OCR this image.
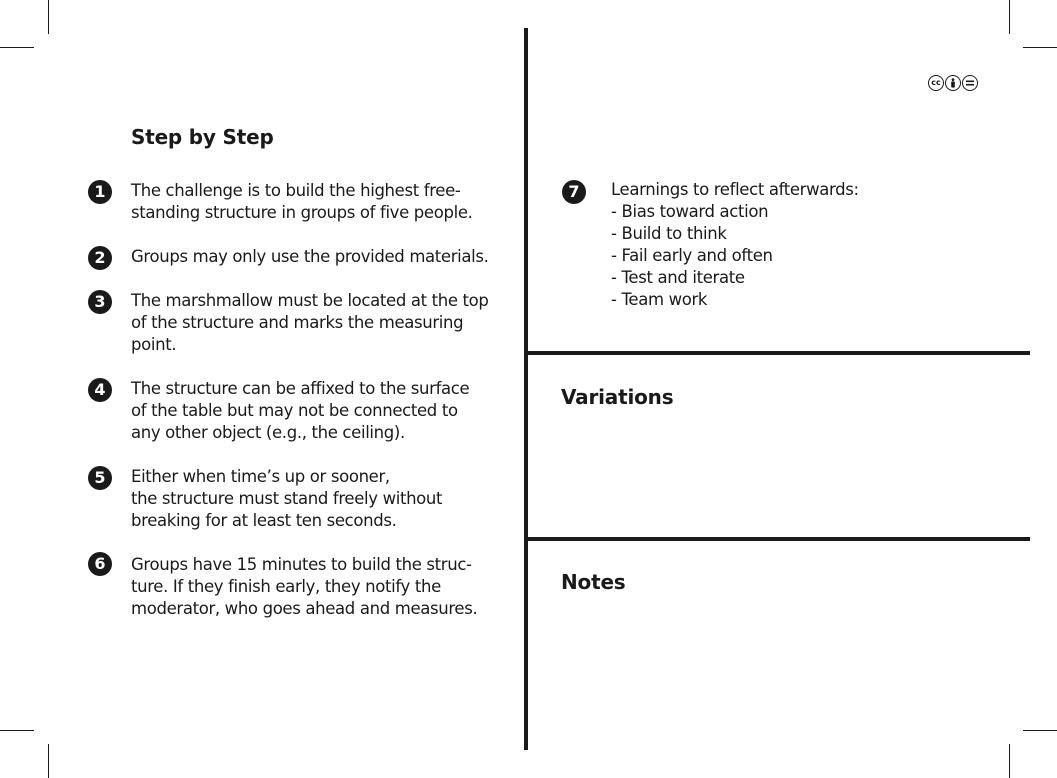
Step by Step
1	The challenge is to build the highest free-
standing structure in groups of five people.

2	Groups may only use the provided materials.

3	The marshmallow must be located at the top
of the structure and marks the measuring
point.

4	The structure can be affixed to the surface
of the table but may not be connected to
any other object (e.g., the ceiling).

5	Either when time’s up or sooner,
the structure must stand freely without
breaking for at least ten seconds.

6	Groups have 15 minutes to build the struc-
ture. If they finish early, they notify the
moderator, who goes ahead and measures.

cc
7	Learnings to reflect afterwards:
- Bias toward action
- Build to think
- Fail early and often
- Test and iterate
- Team work
Variations
Notes
